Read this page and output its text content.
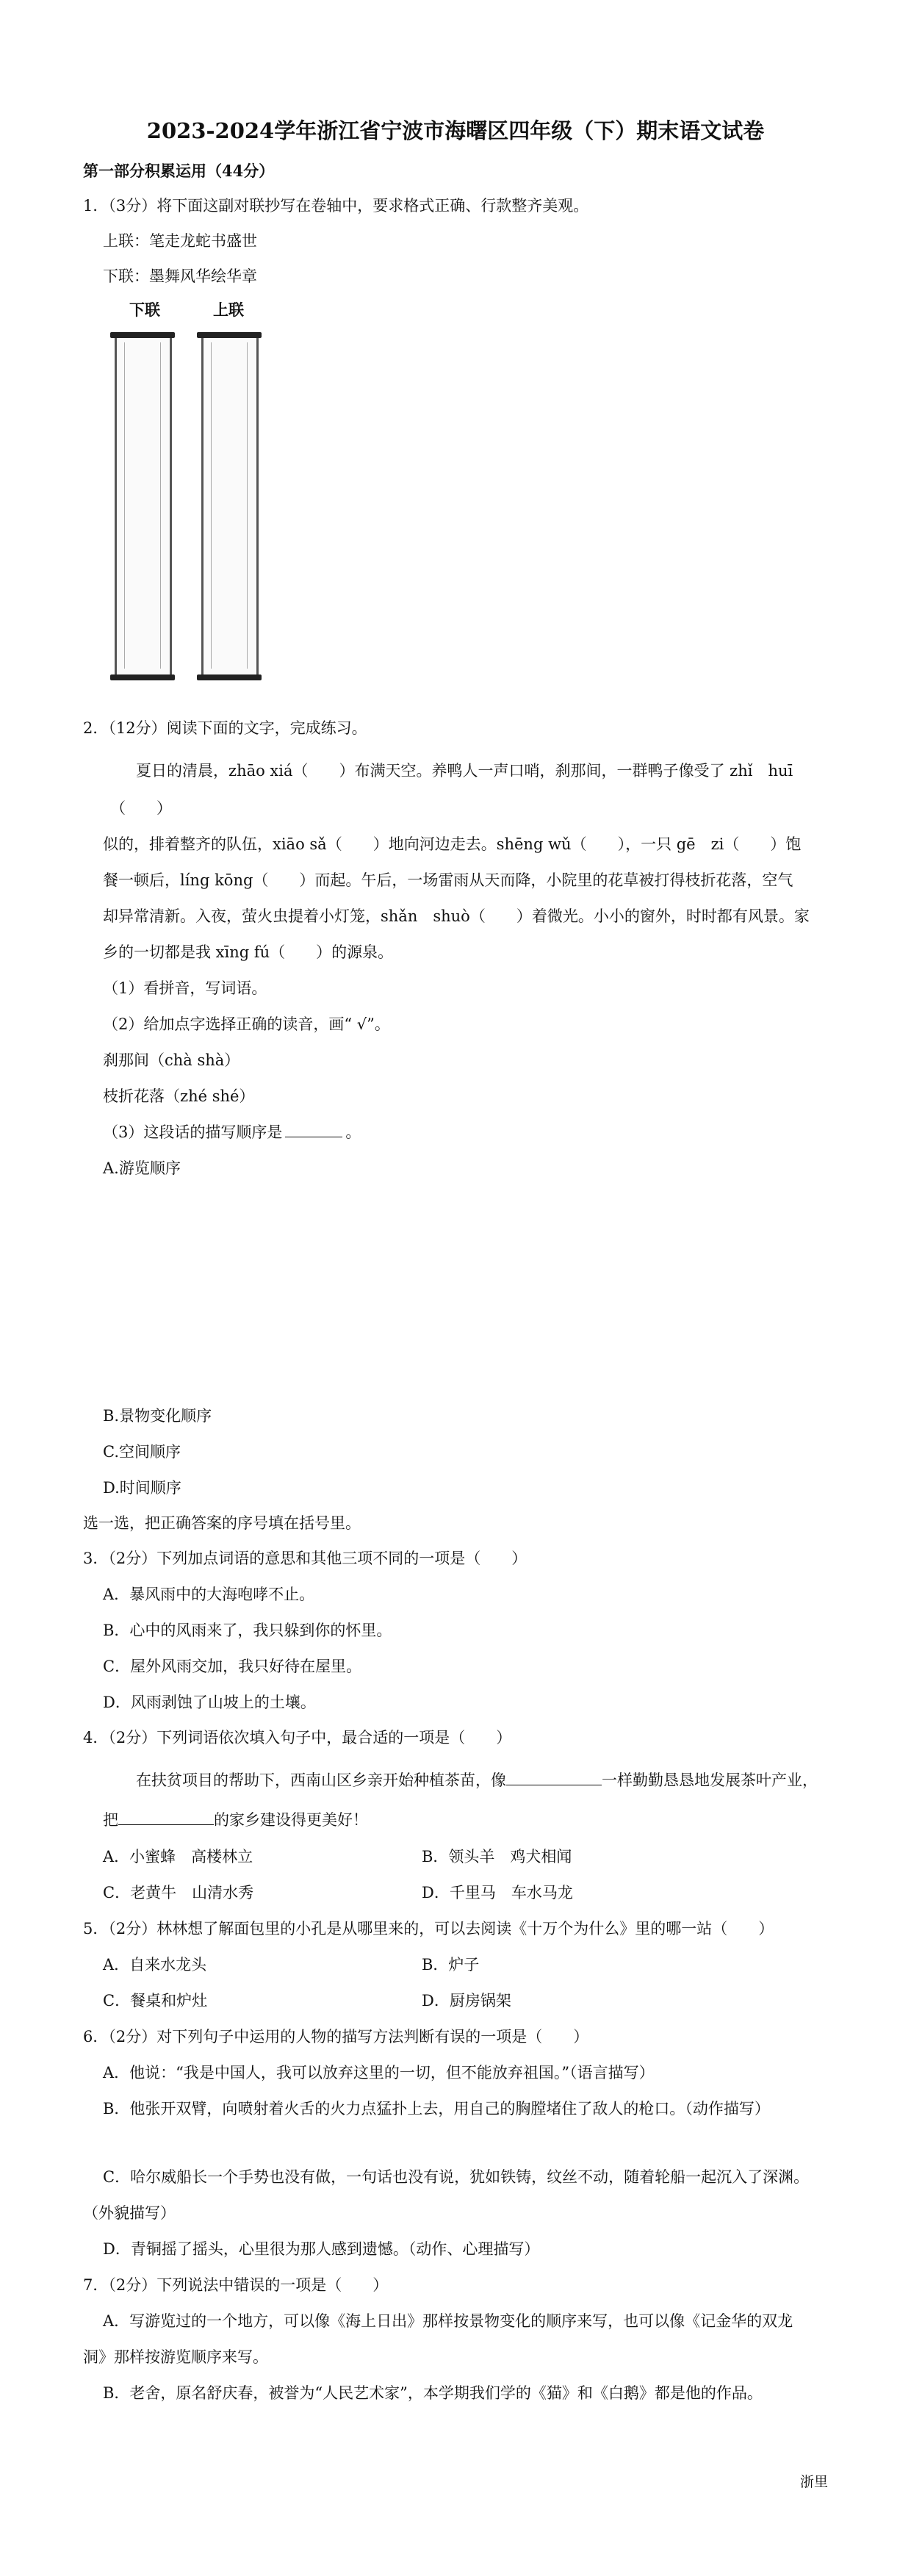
2023-2024学年浙江省宁波市海曙区四年级（下）期末语文试卷
第一部分积累运用（44分）
1．（3分）将下面这副对联抄写在卷轴中，要求格式正确、行款整齐美观。
上联：笔走龙蛇书盛世
下联：墨舞风华绘华章
下联	上联
2．（12分）阅读下面的文字，完成练习。
夏日的清晨，zhāo xiá（　　）布满天空。养鸭人一声口哨，刹那间，一群鸭子像受了 zhǐ　huī
（　　）
似的，排着整齐的队伍，xiāo sǎ（　　）地向河边走去。shēng wǔ（　　），一只 gē　zi（　　）饱
餐一顿后，líng kōng（　　）而起。午后，一场雷雨从天而降，小院里的花草被打得枝折花落，空气
却异常清新。入夜，萤火虫提着小灯笼，shǎn　shuò（　　）着微光。小小的窗外，时时都有风景。家
乡的一切都是我 xīng fú（　　）的源泉。
（1）看拼音，写词语。
（2）给加点字选择正确的读音，画“ √”。
刹那间（chà shà）
枝折花落（zhé shé）
（3）这段话的描写顺序是	。
A.游览顺序
B.景物变化顺序
C.空间顺序
D.时间顺序
选一选，把正确答案的序号填在括号里。
3．（2分）下列加点词语的意思和其他三项不同的一项是（　　）
A．暴风雨中的大海咆哮不止。
B．心中的风雨来了，我只躲到你的怀里。
C．屋外风雨交加，我只好待在屋里。
D．风雨剥蚀了山坡上的土壤。
4．（2分）下列词语依次填入句子中，最合适的一项是（　　）
在扶贫项目的帮助下，西南山区乡亲开始种植茶苗，像	一样勤勤恳恳地发展茶叶产业，
把	的家乡建设得更美好！
A．小蜜蜂　高楼林立	B．领头羊　鸡犬相闻
C．老黄牛　山清水秀	D．千里马　车水马龙
5．（2分）林林想了解面包里的小孔是从哪里来的，可以去阅读《十万个为什么》里的哪一站（　　）
A．自来水龙头	B．炉子
C．餐桌和炉灶	D．厨房锅架
6．（2分）对下列句子中运用的人物的描写方法判断有误的一项是（　　）
A．他说：“我是中国人，我可以放弃这里的一切，但不能放弃祖国。”（语言描写）
B．他张开双臂，向喷射着火舌的火力点猛扑上去，用自己的胸膛堵住了敌人的枪口。（动作描写）
C．哈尔威船长一个手势也没有做，一句话也没有说，犹如铁铸，纹丝不动，随着轮船一起沉入了深渊。
（外貌描写）
D．青铜摇了摇头，心里很为那人感到遗憾。（动作、心理描写）
7．（2分）下列说法中错误的一项是（　　）
A．写游览过的一个地方，可以像《海上日出》那样按景物变化的顺序来写，也可以像《记金华的双龙
洞》那样按游览顺序来写。
B．老舍，原名舒庆春，被誉为“人民艺术家”，本学期我们学的《猫》和《白鹅》都是他的作品。
浙里
